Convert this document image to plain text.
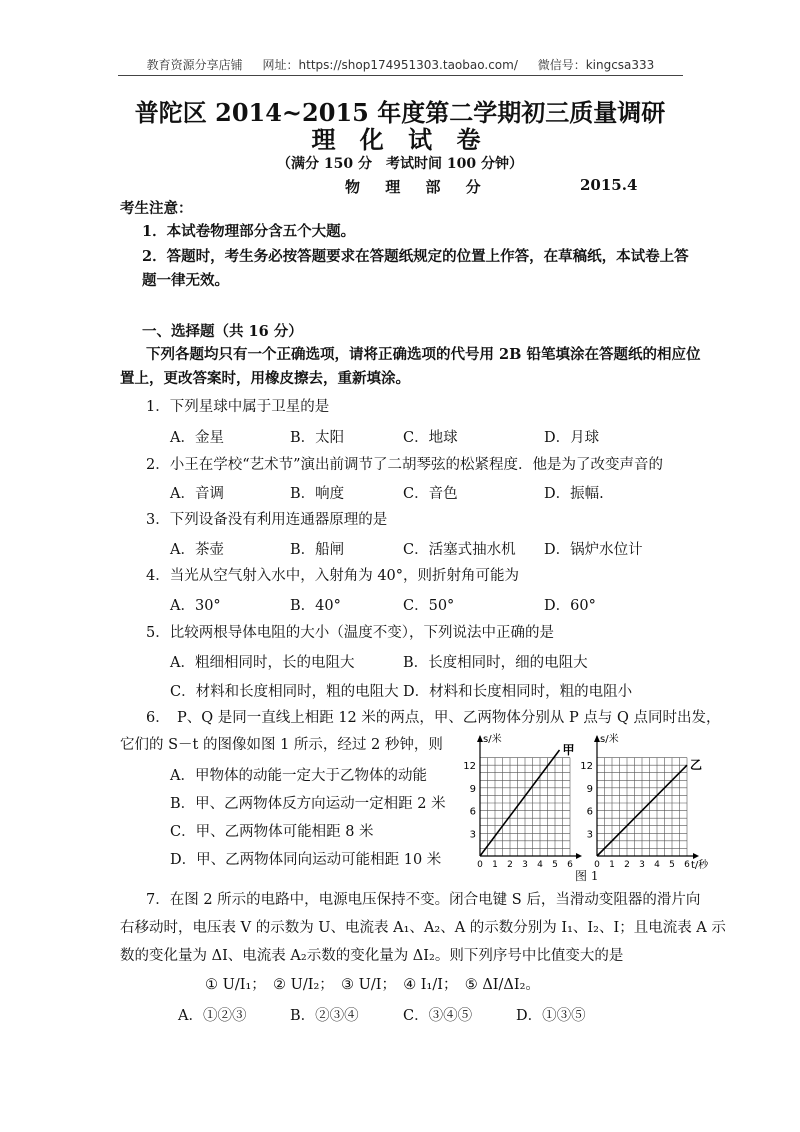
教育资源分享店铺 网址：https://shop174951303.taobao.com/ 微信号：kingcsa333
普陀区 2014~2015 年度第二学期初三质量调研
理 化 试 卷
（满分 150 分　考试时间 100 分钟）
物 理 部 分	2015.4
考生注意：
1．本试卷物理部分含五个大题。
2．答题时，考生务必按答题要求在答题纸规定的位置上作答，在草稿纸，本试卷上答
题一律无效。
一、选择题（共 16 分）
下列各题均只有一个正确选项，请将正确选项的代号用 2B 铅笔填涂在答题纸的相应位
置上，更改答案时，用橡皮擦去，重新填涂。
1．下列星球中属于卫星的是
A．金星	B．太阳	C．地球	D．月球
2．小王在学校“艺术节”演出前调节了二胡琴弦的松紧程度．他是为了改变声音的
A．音调	B．响度	C．音色	D．振幅.
3．下列设备没有利用连通器原理的是
A．茶壶	B．船闸	C．活塞式抽水机 D．锅炉水位计
4．当光从空气射入水中，入射角为 40°，则折射角可能为
A．30°	B．40°	C．50°	D．60°
5．比较两根导体电阻的大小（温度不变），下列说法中正确的是
A．粗细相同时，长的电阻大	B．长度相同时，细的电阻大
C．材料和长度相同时，粗的电阻大 D．材料和长度相同时，粗的电阻小
6．　P、Q 是同一直线上相距 12 米的两点，甲、乙两物体分别从 P 点与 Q 点同时出发，
它们的 S－t 的图像如图 1 所示，经过 2 秒钟，则
A．甲物体的动能一定大于乙物体的动能
B．甲、乙两物体反方向运动一定相距 2 米
C．甲、乙两物体可能相距 8 米
D．甲、乙两物体同向运动可能相距 10 米
s/米
3
6
9
12
0 1 2 3 4 5 6
甲
s/米
t/秒
3
6
9
12
0 1 2 3 4 5 6
乙
图 1
7．在图 2 所示的电路中，电源电压保持不变。闭合电键 S 后，当滑动变阻器的滑片向
右移动时，电压表 V 的示数为 U、电流表 A₁、A₂、A 的示数分别为 I₁、I₂、I；且电流表 A 示
数的变化量为 ΔI、电流表 A₂示数的变化量为 ΔI₂。则下列序号中比值变大的是
① U/I₁；　② U/I₂；　③ U/I；　④ I₁/I；　⑤ ΔI/ΔI₂。
A．①②③	B．②③④	C．③④⑤	D．①③⑤
